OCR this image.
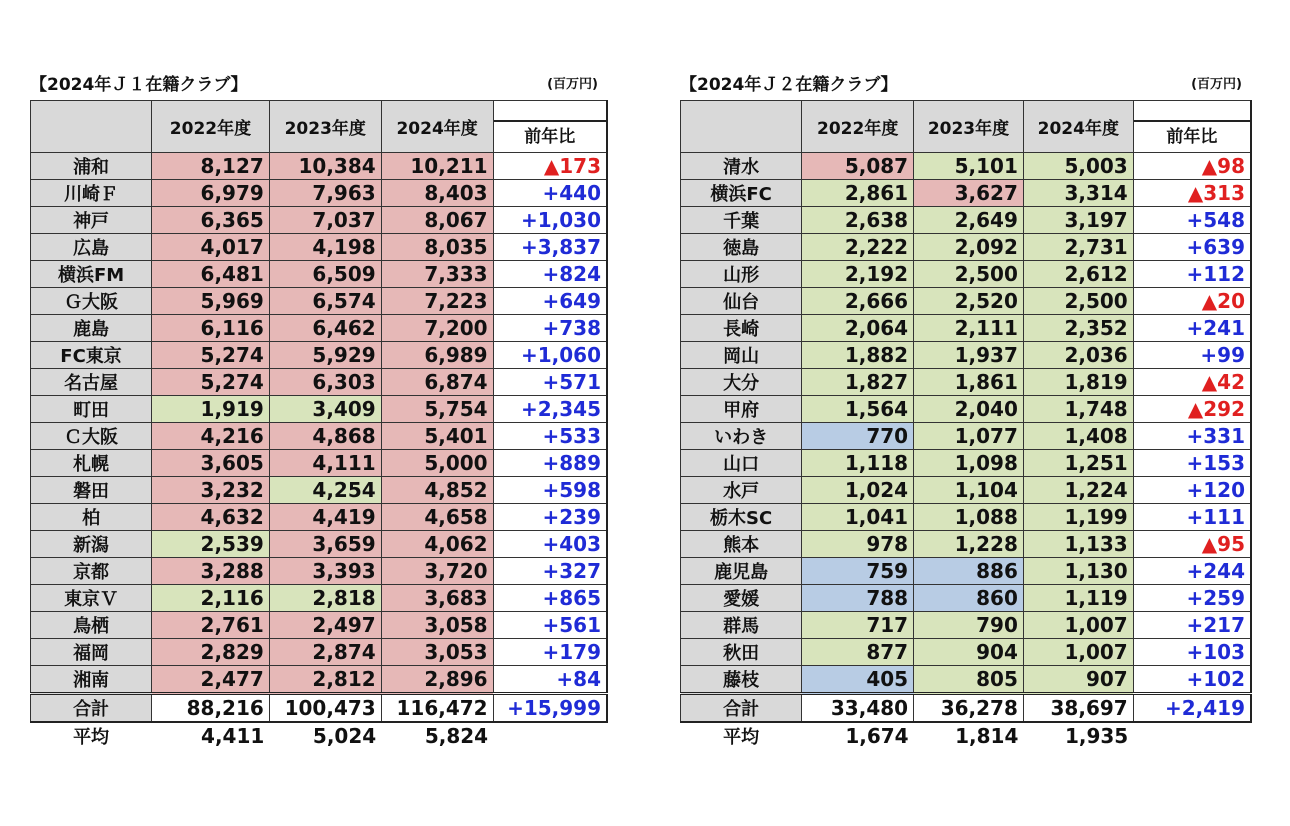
【2024年Ｊ１在籍クラブ】	(百万円)
	2022年度	2023年度	2024年度	前年比

浦和	8,127	10,384	10,211	▲173
川崎Ｆ	6,979	7,963	8,403	+440
神戸	6,365	7,037	8,067	+1,030
広島	4,017	4,198	8,035	+3,837
横浜FM	6,481	6,509	7,333	+824
Ｇ大阪	5,969	6,574	7,223	+649
鹿島	6,116	6,462	7,200	+738
FC東京	5,274	5,929	6,989	+1,060
名古屋	5,274	6,303	6,874	+571
町田	1,919	3,409	5,754	+2,345
Ｃ大阪	4,216	4,868	5,401	+533
札幌	3,605	4,111	5,000	+889
磐田	3,232	4,254	4,852	+598
柏	4,632	4,419	4,658	+239
新潟	2,539	3,659	4,062	+403
京都	3,288	3,393	3,720	+327
東京Ｖ	2,116	2,818	3,683	+865
鳥栖	2,761	2,497	3,058	+561
福岡	2,829	2,874	3,053	+179
湘南	2,477	2,812	2,896	+84
合計	88,216	100,473	116,472	+15,999
平均	4,411	5,024	5,824	
【2024年Ｊ２在籍クラブ】	(百万円)
	2022年度	2023年度	2024年度	前年比

清水	5,087	5,101	5,003	▲98
横浜FC	2,861	3,627	3,314	▲313
千葉	2,638	2,649	3,197	+548
徳島	2,222	2,092	2,731	+639
山形	2,192	2,500	2,612	+112
仙台	2,666	2,520	2,500	▲20
長崎	2,064	2,111	2,352	+241
岡山	1,882	1,937	2,036	+99
大分	1,827	1,861	1,819	▲42
甲府	1,564	2,040	1,748	▲292
いわき	770	1,077	1,408	+331
山口	1,118	1,098	1,251	+153
水戸	1,024	1,104	1,224	+120
栃木SC	1,041	1,088	1,199	+111
熊本	978	1,228	1,133	▲95
鹿児島	759	886	1,130	+244
愛媛	788	860	1,119	+259
群馬	717	790	1,007	+217
秋田	877	904	1,007	+103
藤枝	405	805	907	+102
合計	33,480	36,278	38,697	+2,419
平均	1,674	1,814	1,935	
